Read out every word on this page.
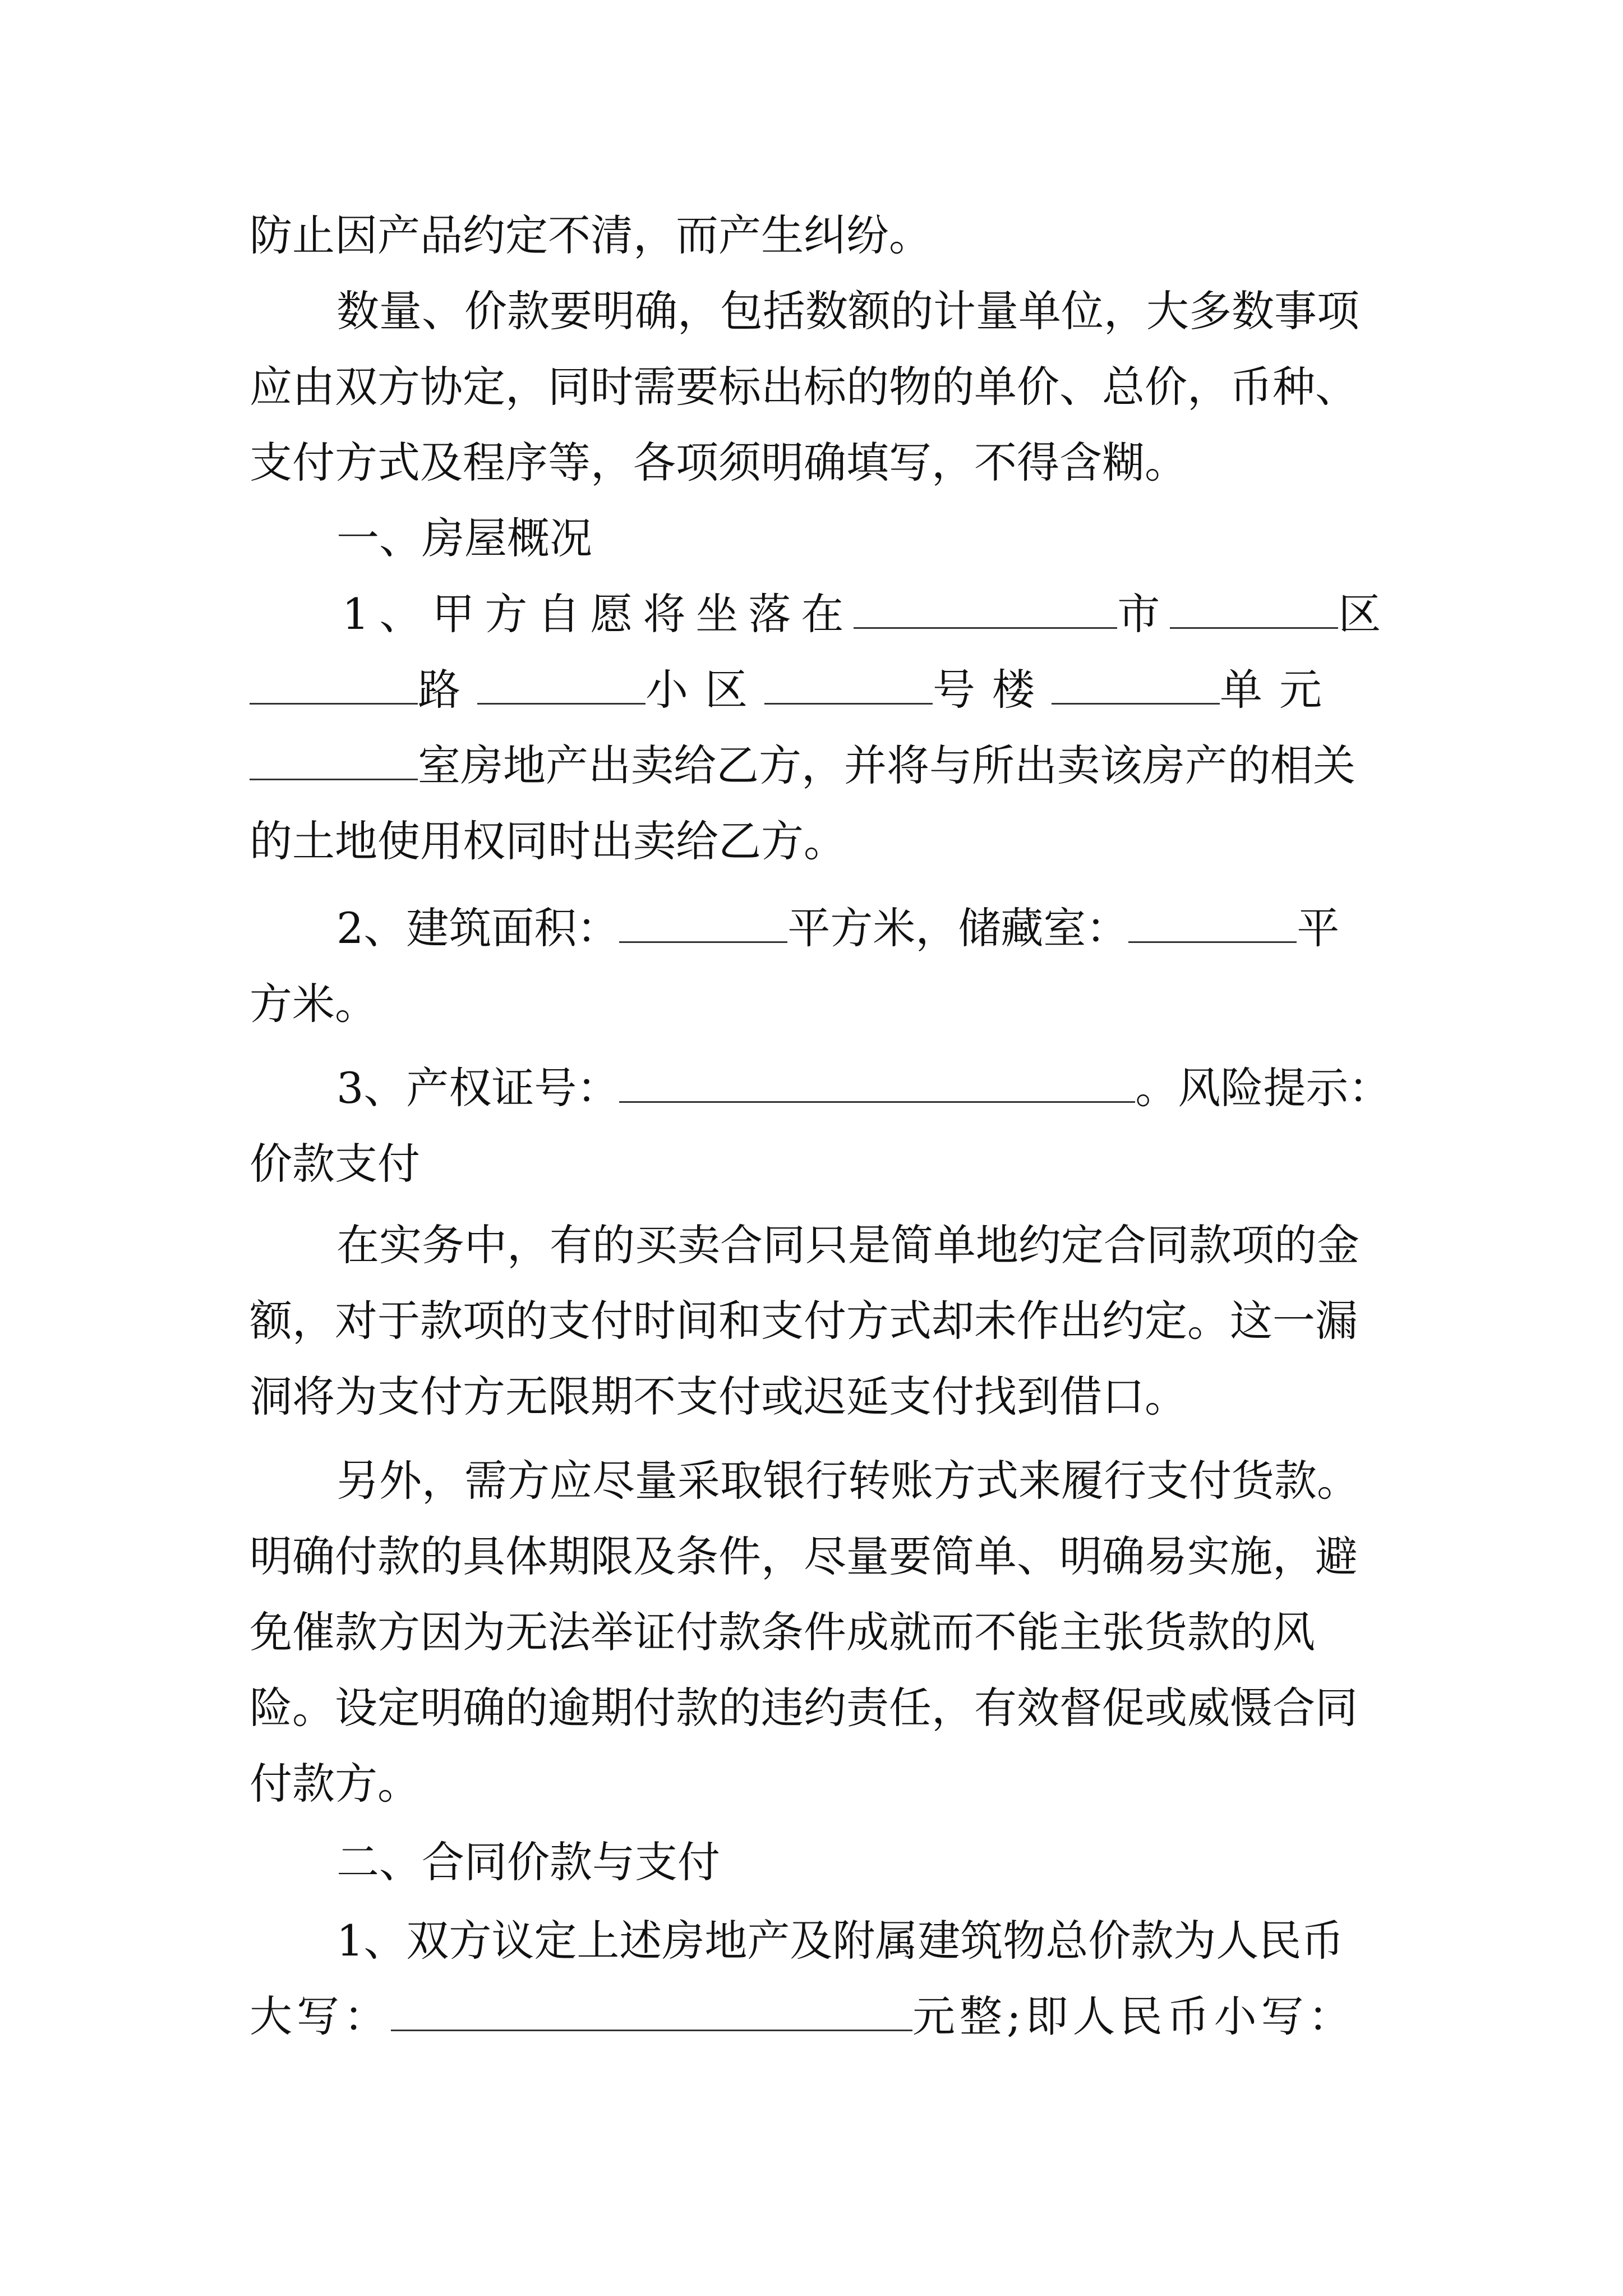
防止因产品约定不清，而产生纠纷。
数量、价款要明确，包括数额的计量单位，大多数事项
应由双方协定，同时需要标出标的物的单价、总价，币种、
支付方式及程序等，各项须明确填写，不得含糊。
一、房屋概况
1、甲方自愿将坐落在	市	区
路	小区	号楼	单元
室房地产出卖给乙方，并将与所出卖该房产的相关
的土地使用权同时出卖给乙方。
2、建筑面积：	平方米，储藏室：	平
方米。
3、产权证号：	。风险提示：
价款支付
在实务中，有的买卖合同只是简单地约定合同款项的金
额，对于款项的支付时间和支付方式却未作出约定。这一漏
洞将为支付方无限期不支付或迟延支付找到借口。
另外，需方应尽量采取银行转账方式来履行支付货款。
明确付款的具体期限及条件，尽量要简单、明确易实施，避
免催款方因为无法举证付款条件成就而不能主张货款的风
险。设定明确的逾期付款的违约责任，有效督促或威慑合同
付款方。
二、合同价款与支付
1、双方议定上述房地产及附属建筑物总价款为人民币
大写：	元整;即人民币小写：
